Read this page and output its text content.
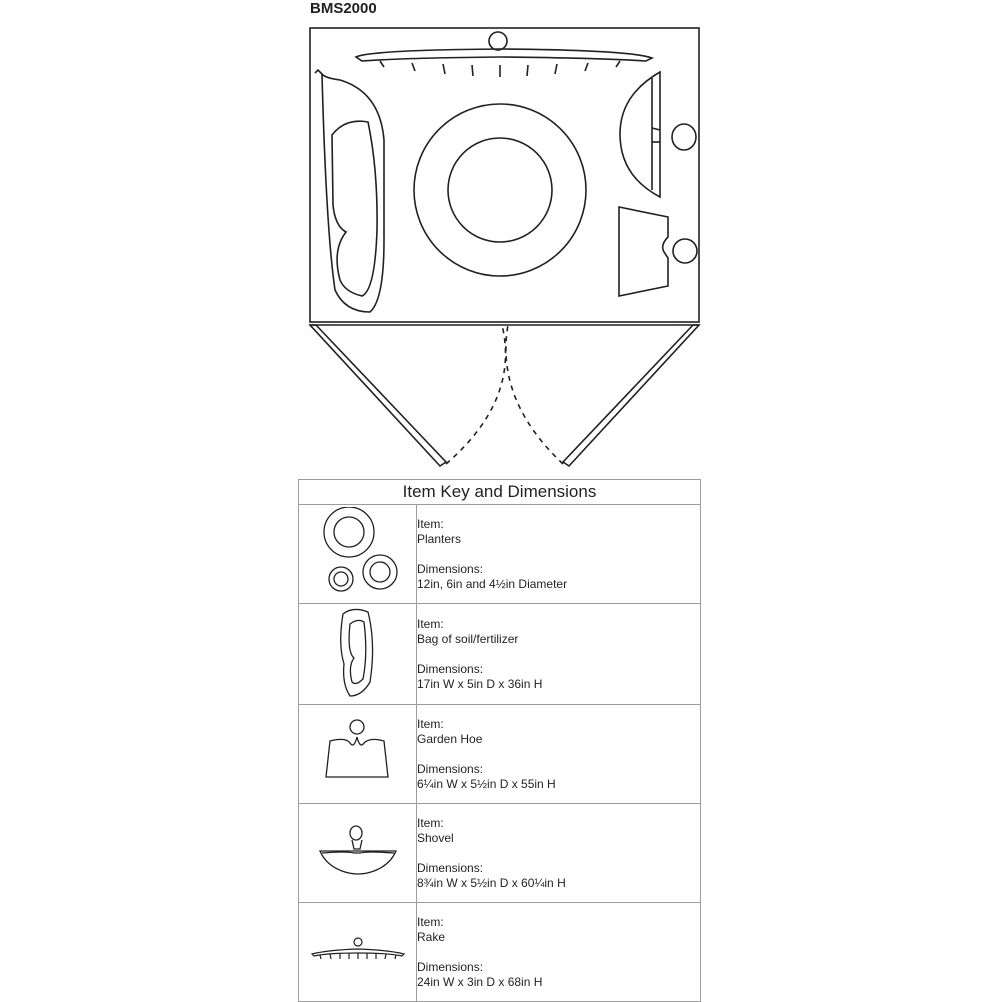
BMS2000
Item Key and Dimensions	

Item:
Planters
Dimensions:
12in, 6in and 4½in Diameter

Item:
Bag of soil/fertilizer
Dimensions:
17in W x 5in D x 36in H

Item:
Garden Hoe
Dimensions:
6¼in W x 5½in D x 55in H

Item:
Shovel
Dimensions:
8¾in W x 5½in D x 60¼in H

Item:
Rake
Dimensions:
24in W x 3in D x 68in H
